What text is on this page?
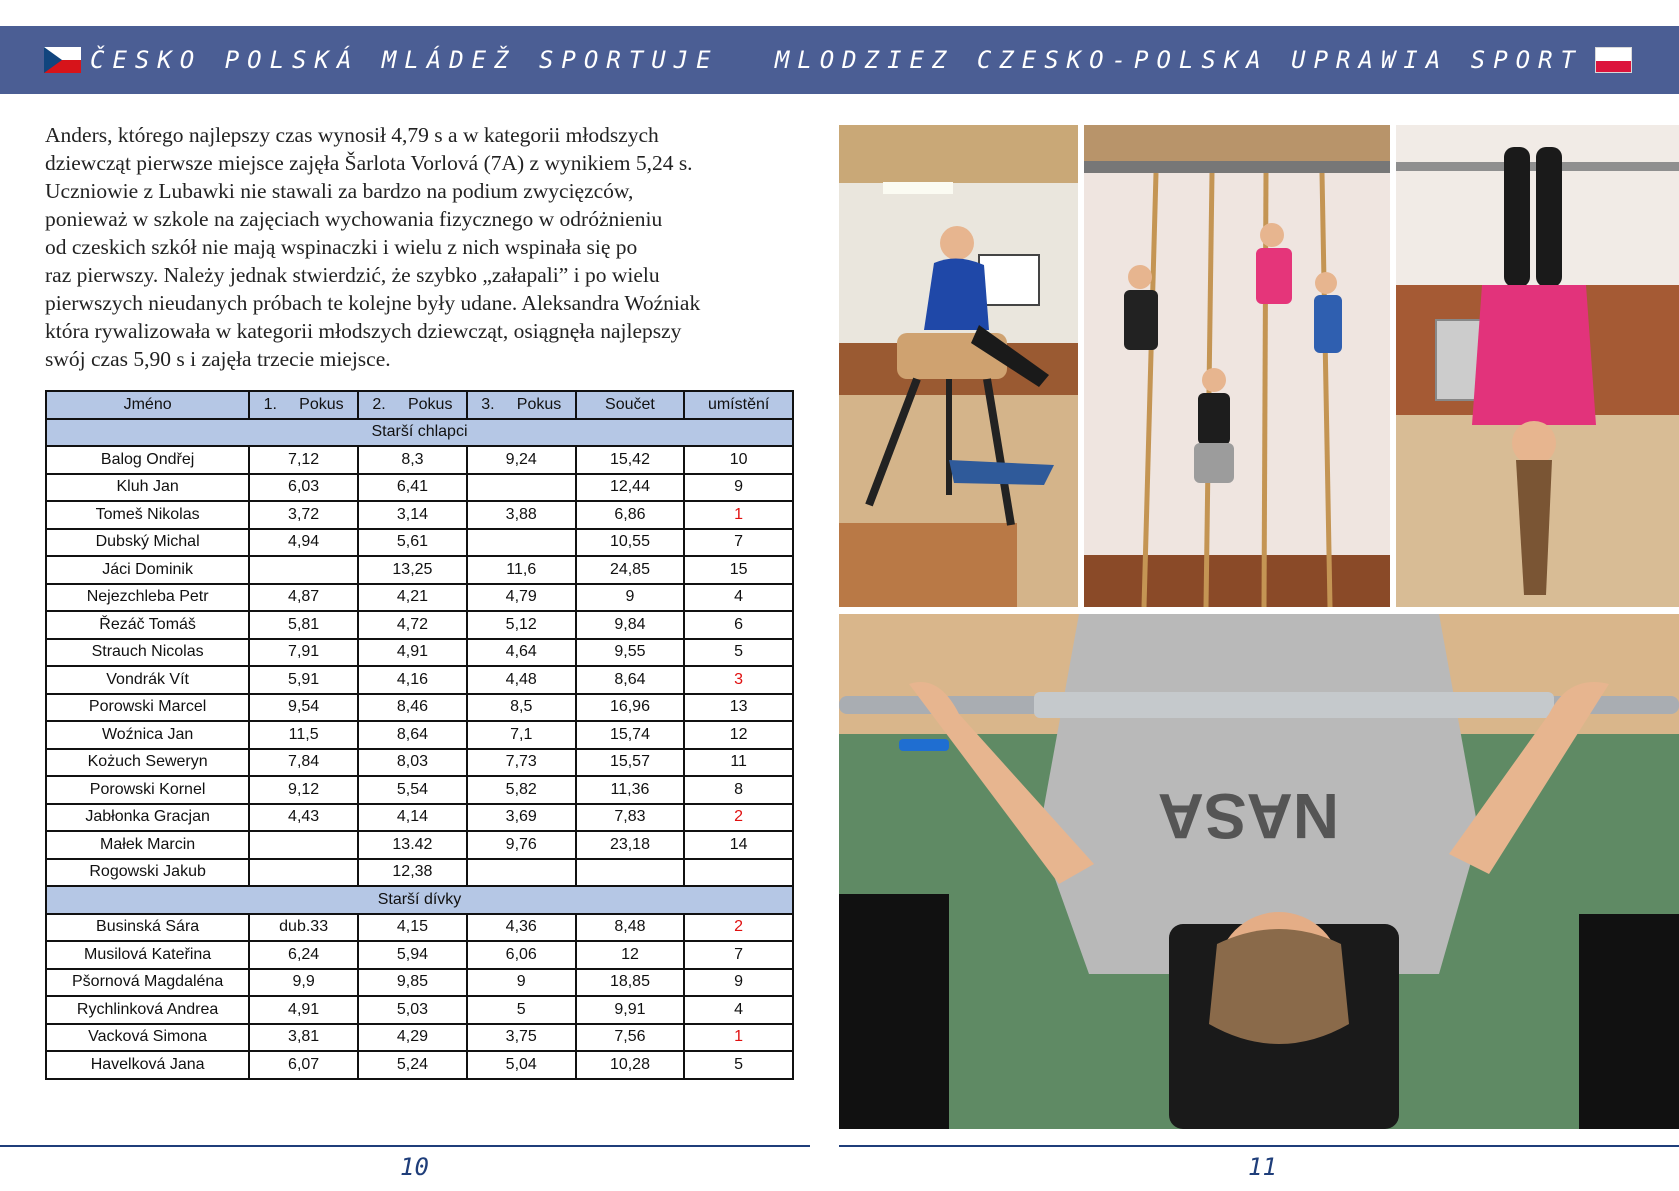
ČESKO POLSKÁ MLÁDEŽ SPORTUJE MLODZIEZ CZESKO-POLSKA UPRAWIA SPORT
Anders, którego najlepszy czas wynosił 4,79 s a w kategorii młodszych
dziewcząt pierwsze miejsce zajęła Šarlota Vorlová (7A) z wynikiem 5,24 s.
Uczniowie z Lubawki nie stawali za bardzo na podium zwycięzców,
ponieważ w szkole na zajęciach wychowania fizycznego w odróżnieniu
od czeskich szkół nie mają wspinaczki i wielu z nich wspinała się po
raz pierwszy. Należy jednak stwierdzić, że szybko „załapali” i po wielu
pierwszych nieudanych próbach te kolejne były udane. Aleksandra Woźniak
która rywalizowała w kategorii młodszych dziewcząt, osiągnęła najlepszy
swój czas 5,90 s i zajęła trzecie miejsce.
Jméno	1.     Pokus	2.     Pokus	3.     Pokus	Součet	umístění
Starší chlapci					
Balog Ondřej	7,12	8,3	9,24	15,42	10
Kluh Jan	6,03	6,41		12,44	9
Tomeš Nikolas	3,72	3,14	3,88	6,86	1
Dubský Michal	4,94	5,61		10,55	7
Jáci Dominik		13,25	11,6	24,85	15
Nejezchleba Petr	4,87	4,21	4,79	9	4
Řezáč Tomáš	5,81	4,72	5,12	9,84	6
Strauch Nicolas	7,91	4,91	4,64	9,55	5
Vondrák Vít	5,91	4,16	4,48	8,64	3
Porowski Marcel	9,54	8,46	8,5	16,96	13
Woźnica Jan	11,5	8,64	7,1	15,74	12
Kożuch Seweryn	7,84	8,03	7,73	15,57	11
Porowski Kornel	9,12	5,54	5,82	11,36	8
Jabłonka Gracjan	4,43	4,14	3,69	7,83	2
Małek Marcin		13.42	9,76	23,18	14
Rogowski Jakub		12,38			
Starší dívky					
Businská Sára	dub.33	4,15	4,36	8,48	2
Musilová Kateřina	6,24	5,94	6,06	12	7
Pšornová Magdaléna	9,9	9,85	9	18,85	9
Rychlinková Andrea	4,91	5,03	5	9,91	4
Vacková Simona	3,81	4,29	3,75	7,56	1
Havelková Jana	6,07	5,24	5,04	10,28	5
NASA
10	11
